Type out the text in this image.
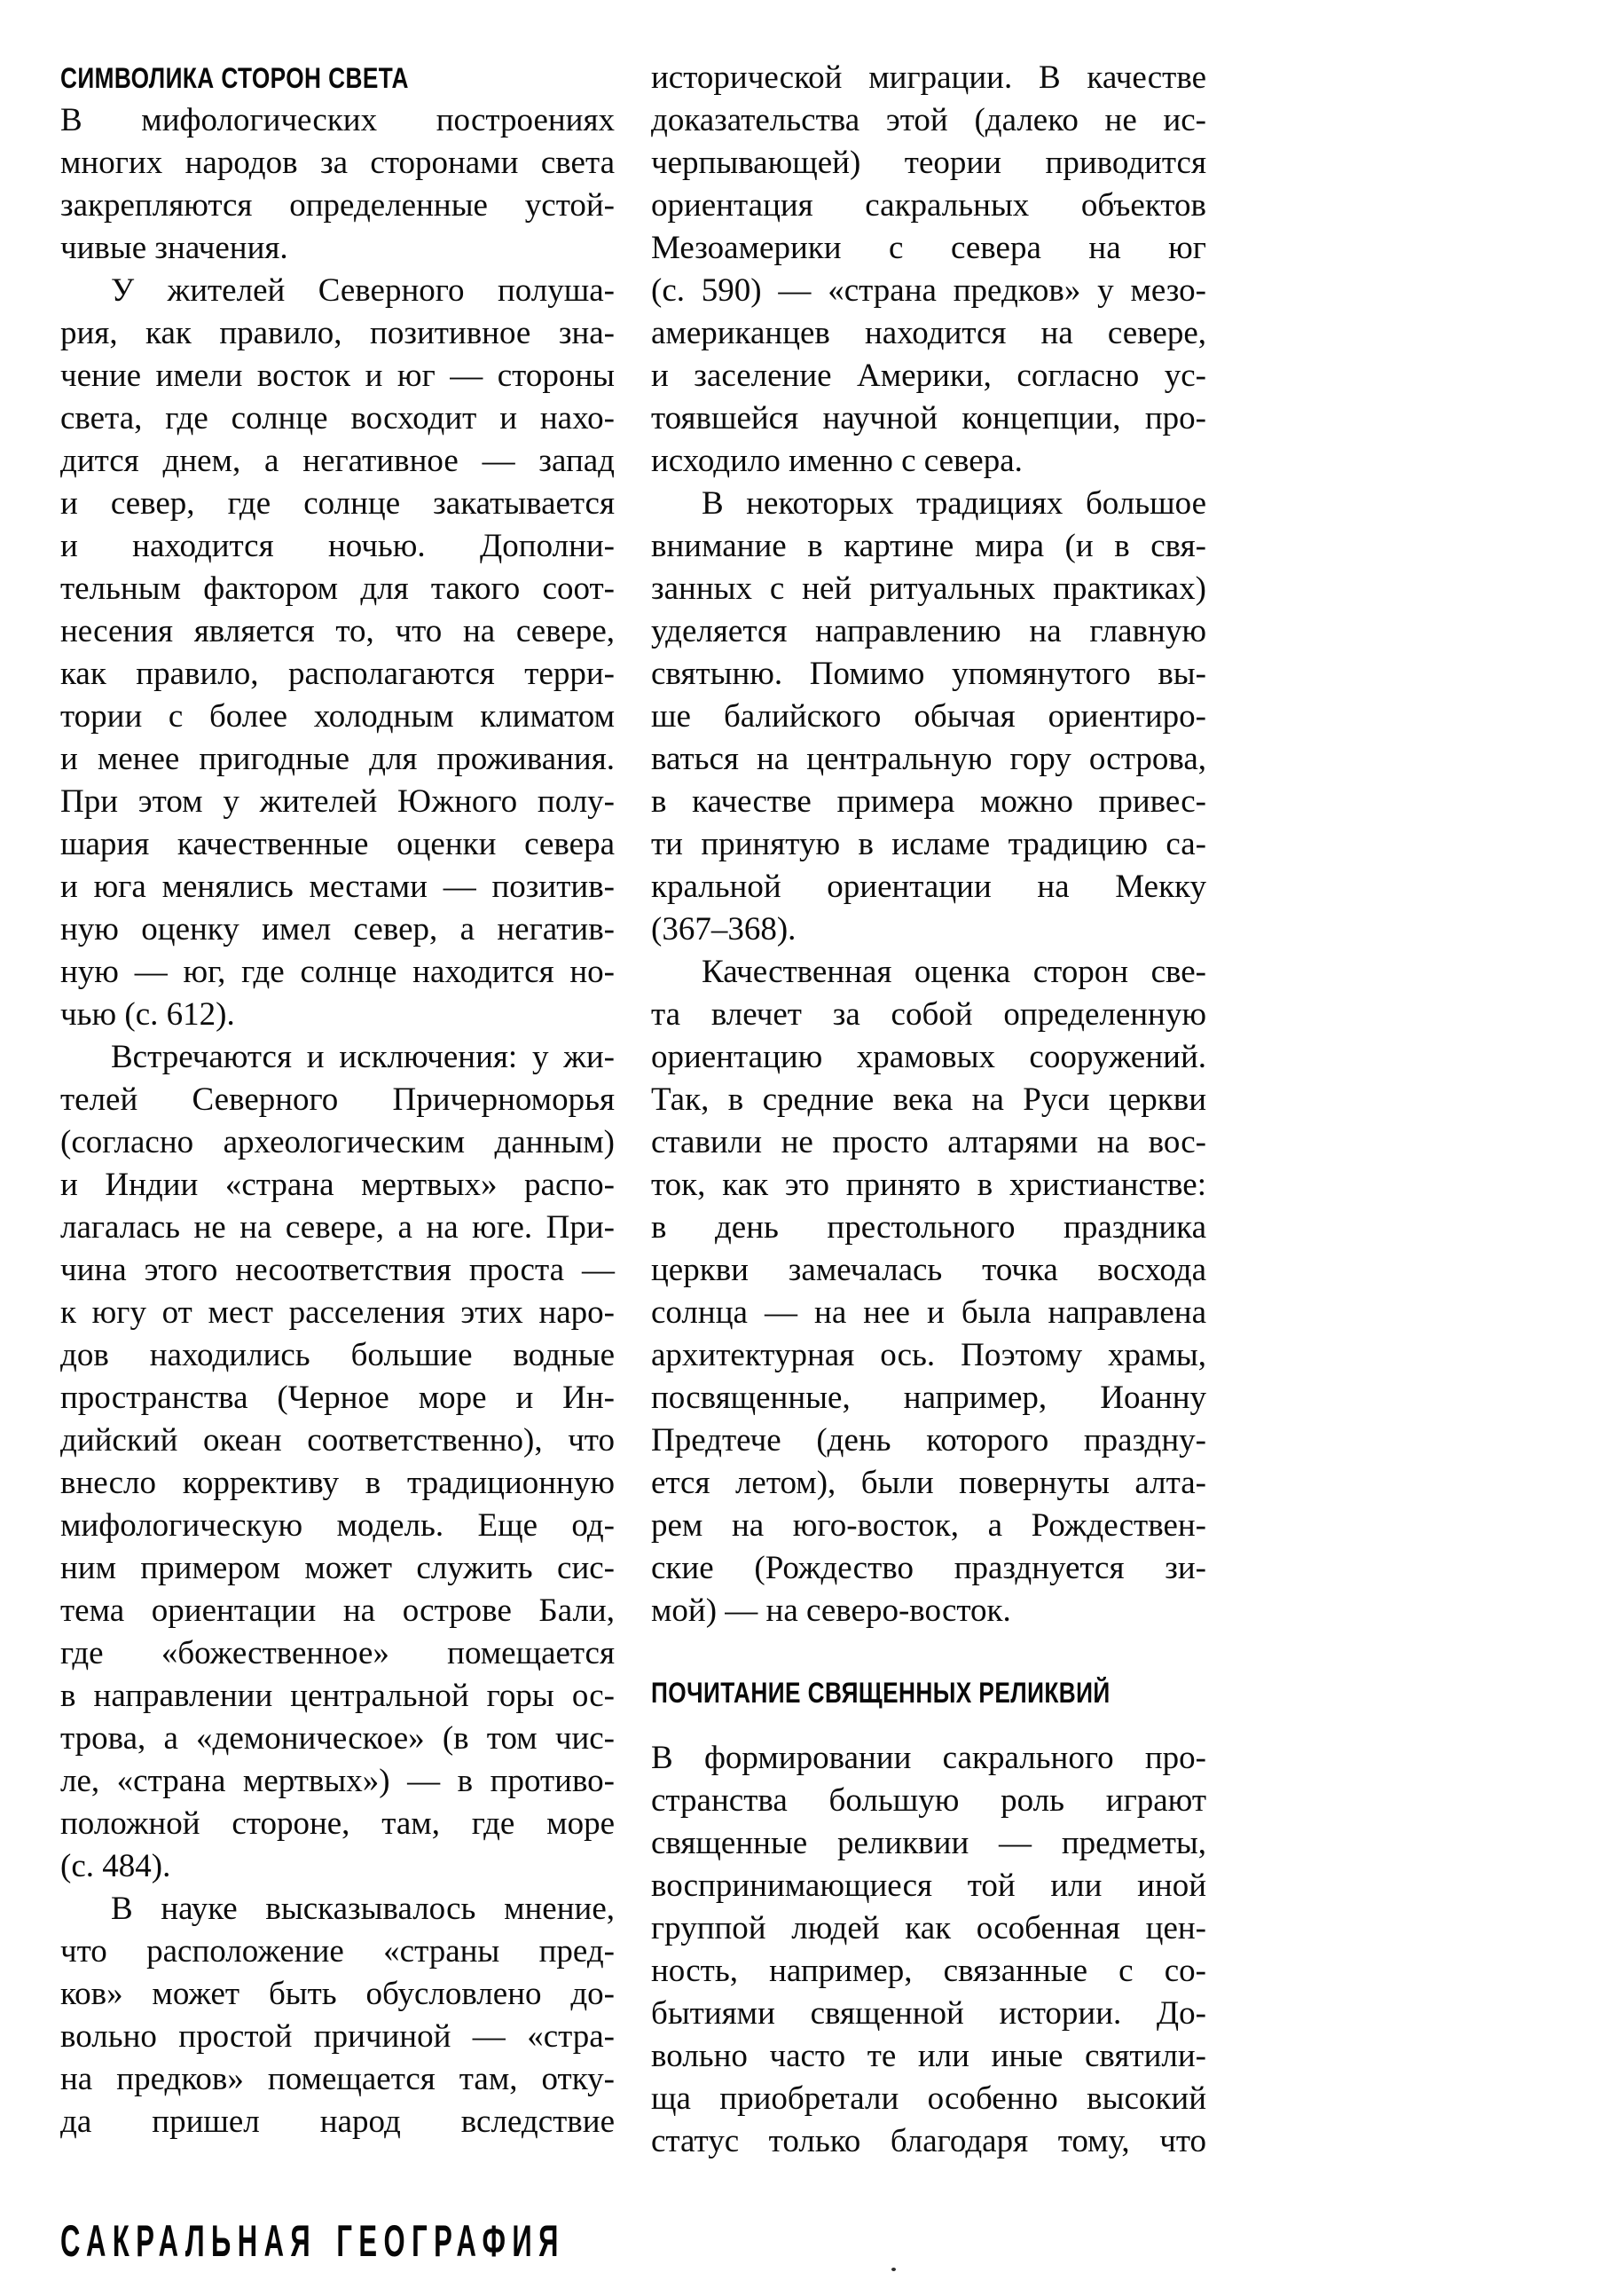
СИМВОЛИКА СТОРОН СВЕТА
В мифологических построениях
многих народов за сторонами света
закрепляются определенные устой-
чивые значения.
У жителей Северного полуша-
рия, как правило, позитивное зна-
чение имели восток и юг — стороны
света, где солнце восходит и нахо-
дится днем, а негативное — запад
и север, где солнце закатывается
и находится ночью. Дополни-
тельным фактором для такого соот-
несения является то, что на севере,
как правило, располагаются терри-
тории с более холодным климатом
и менее пригодные для проживания.
При этом у жителей Южного полу-
шария качественные оценки севера
и юга менялись местами — позитив-
ную оценку имел север, а негатив-
ную — юг, где солнце находится но-
чью (с. 612).
Встречаются и исключения: у жи-
телей Северного Причерноморья
(согласно археологическим данным)
и Индии «страна мертвых» распо-
лагалась не на севере, а на юге. При-
чина этого несоответствия проста —
к югу от мест расселения этих наро-
дов находились большие водные
пространства (Черное море и Ин-
дийский океан соответственно), что
внесло коррективу в традиционную
мифологическую модель. Еще од-
ним примером может служить сис-
тема ориентации на острове Бали,
где «божественное» помещается
в направлении центральной горы ос-
трова, а «демоническое» (в том чис-
ле, «страна мертвых») — в противо-
положной стороне, там, где море
(с. 484).
В науке высказывалось мнение,
что расположение «страны пред-
ков» может быть обусловлено до-
вольно простой причиной — «стра-
на предков» помещается там, отку-
да пришел народ вследствие
исторической миграции. В качестве
доказательства этой (далеко не ис-
черпывающей) теории приводится
ориентация сакральных объектов
Мезоамерики с севера на юг
(с. 590) — «страна предков» у мезо-
американцев находится на севере,
и заселение Америки, согласно ус-
тоявшейся научной концепции, про-
исходило именно с севера.
В некоторых традициях большое
внимание в картине мира (и в свя-
занных с ней ритуальных практиках)
уделяется направлению на главную
святыню. Помимо упомянутого вы-
ше балийского обычая ориентиро-
ваться на центральную гору острова,
в качестве примера можно привес-
ти принятую в исламе традицию са-
кральной ориентации на Мекку
(367–368).
Качественная оценка сторон све-
та влечет за собой определенную
ориентацию храмовых сооружений.
Так, в средние века на Руси церкви
ставили не просто алтарями на вос-
ток, как это принято в христианстве:
в день престольного праздника
церкви замечалась точка восхода
солнца — на нее и была направлена
архитектурная ось. Поэтому храмы,
посвященные, например, Иоанну
Предтече (день которого праздну-
ется летом), были повернуты алта-
рем на юго-восток, а Рождествен-
ские (Рождество празднуется зи-
мой) — на северо-восток.
ПОЧИТАНИЕ СВЯЩЕННЫХ РЕЛИКВИЙ
В формировании сакрального про-
странства большую роль играют
священные реликвии — предметы,
воспринимающиеся той или иной
группой людей как особенная цен-
ность, например, связанные с со-
бытиями священной истории. До-
вольно часто те или иные святили-
ща приобретали особенно высокий
статус только благодаря тому, что
САКРАЛЬНАЯ ГЕОГРАФИЯ
